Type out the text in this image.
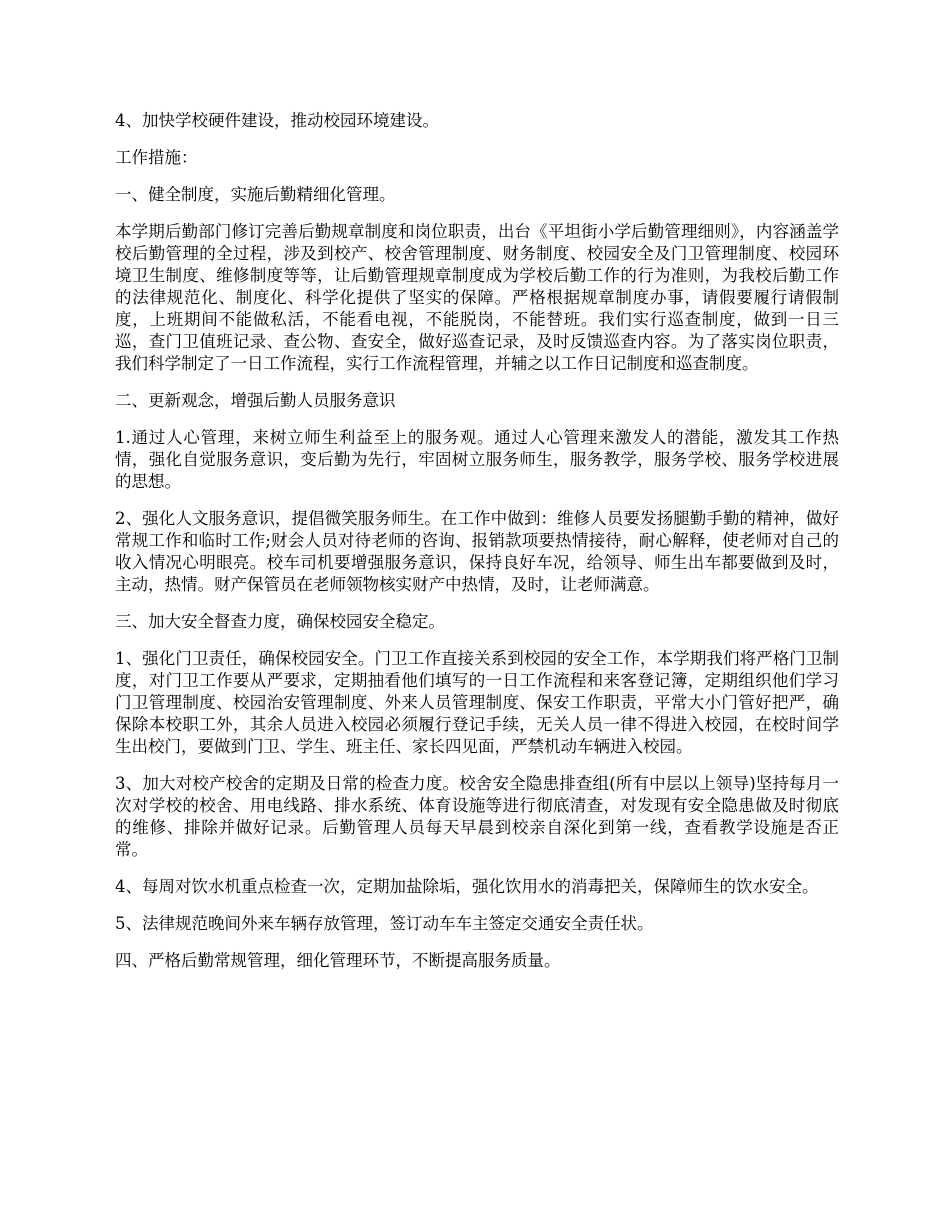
4、加快学校硬件建设，推动校园环境建设。

工作措施：

一、健全制度，实施后勤精细化管理。

本学期后勤部门修订完善后勤规章制度和岗位职责，出台《平坦街小学后勤管理细则》，内容涵盖学校后勤管理的全过程，涉及到校产、校舍管理制度、财务制度、校园安全及门卫管理制度、校园环境卫生制度、维修制度等等，让后勤管理规章制度成为学校后勤工作的行为准则，为我校后勤工作的法律规范化、制度化、科学化提供了坚实的保障。严格根据规章制度办事，请假要履行请假制度，上班期间不能做私活，不能看电视，不能脱岗，不能替班。我们实行巡查制度，做到一日三巡，查门卫值班记录、查公物、查安全，做好巡查记录，及时反馈巡查内容。为了落实岗位职责，我们科学制定了一日工作流程，实行工作流程管理，并辅之以工作日记制度和巡查制度。

二、更新观念，增强后勤人员服务意识

1.通过人心管理，来树立师生利益至上的服务观。通过人心管理来激发人的潜能，激发其工作热情，强化自觉服务意识，变后勤为先行，牢固树立服务师生，服务教学，服务学校、服务学校进展的思想。

2、强化人文服务意识，提倡微笑服务师生。在工作中做到：维修人员要发扬腿勤手勤的精神，做好常规工作和临时工作;财会人员对待老师的咨询、报销款项要热情接待，耐心解释，使老师对自己的收入情况心明眼亮。校车司机要增强服务意识，保持良好车况，给领导、师生出车都要做到及时，主动，热情。财产保管员在老师领物核实财产中热情，及时，让老师满意。

三、加大安全督查力度，确保校园安全稳定。

1、强化门卫责任，确保校园安全。门卫工作直接关系到校园的安全工作，本学期我们将严格门卫制度，对门卫工作要从严要求，定期抽看他们填写的一日工作流程和来客登记簿，定期组织他们学习门卫管理制度、校园治安管理制度、外来人员管理制度、保安工作职责，平常大小门管好把严，确保除本校职工外，其余人员进入校园必须履行登记手续，无关人员一律不得进入校园，在校时间学生出校门，要做到门卫、学生、班主任、家长四见面，严禁机动车辆进入校园。

3、加大对校产校舍的定期及日常的检查力度。校舍安全隐患排查组(所有中层以上领导)坚持每月一次对学校的校舍、用电线路、排水系统、体育设施等进行彻底清查，对发现有安全隐患做及时彻底的维修、排除并做好记录。后勤管理人员每天早晨到校亲自深化到第一线，查看教学设施是否正常。

4、每周对饮水机重点检查一次，定期加盐除垢，强化饮用水的消毒把关，保障师生的饮水安全。

5、法律规范晚间外来车辆存放管理，签订动车车主签定交通安全责任状。

四、严格后勤常规管理，细化管理环节，不断提高服务质量。
